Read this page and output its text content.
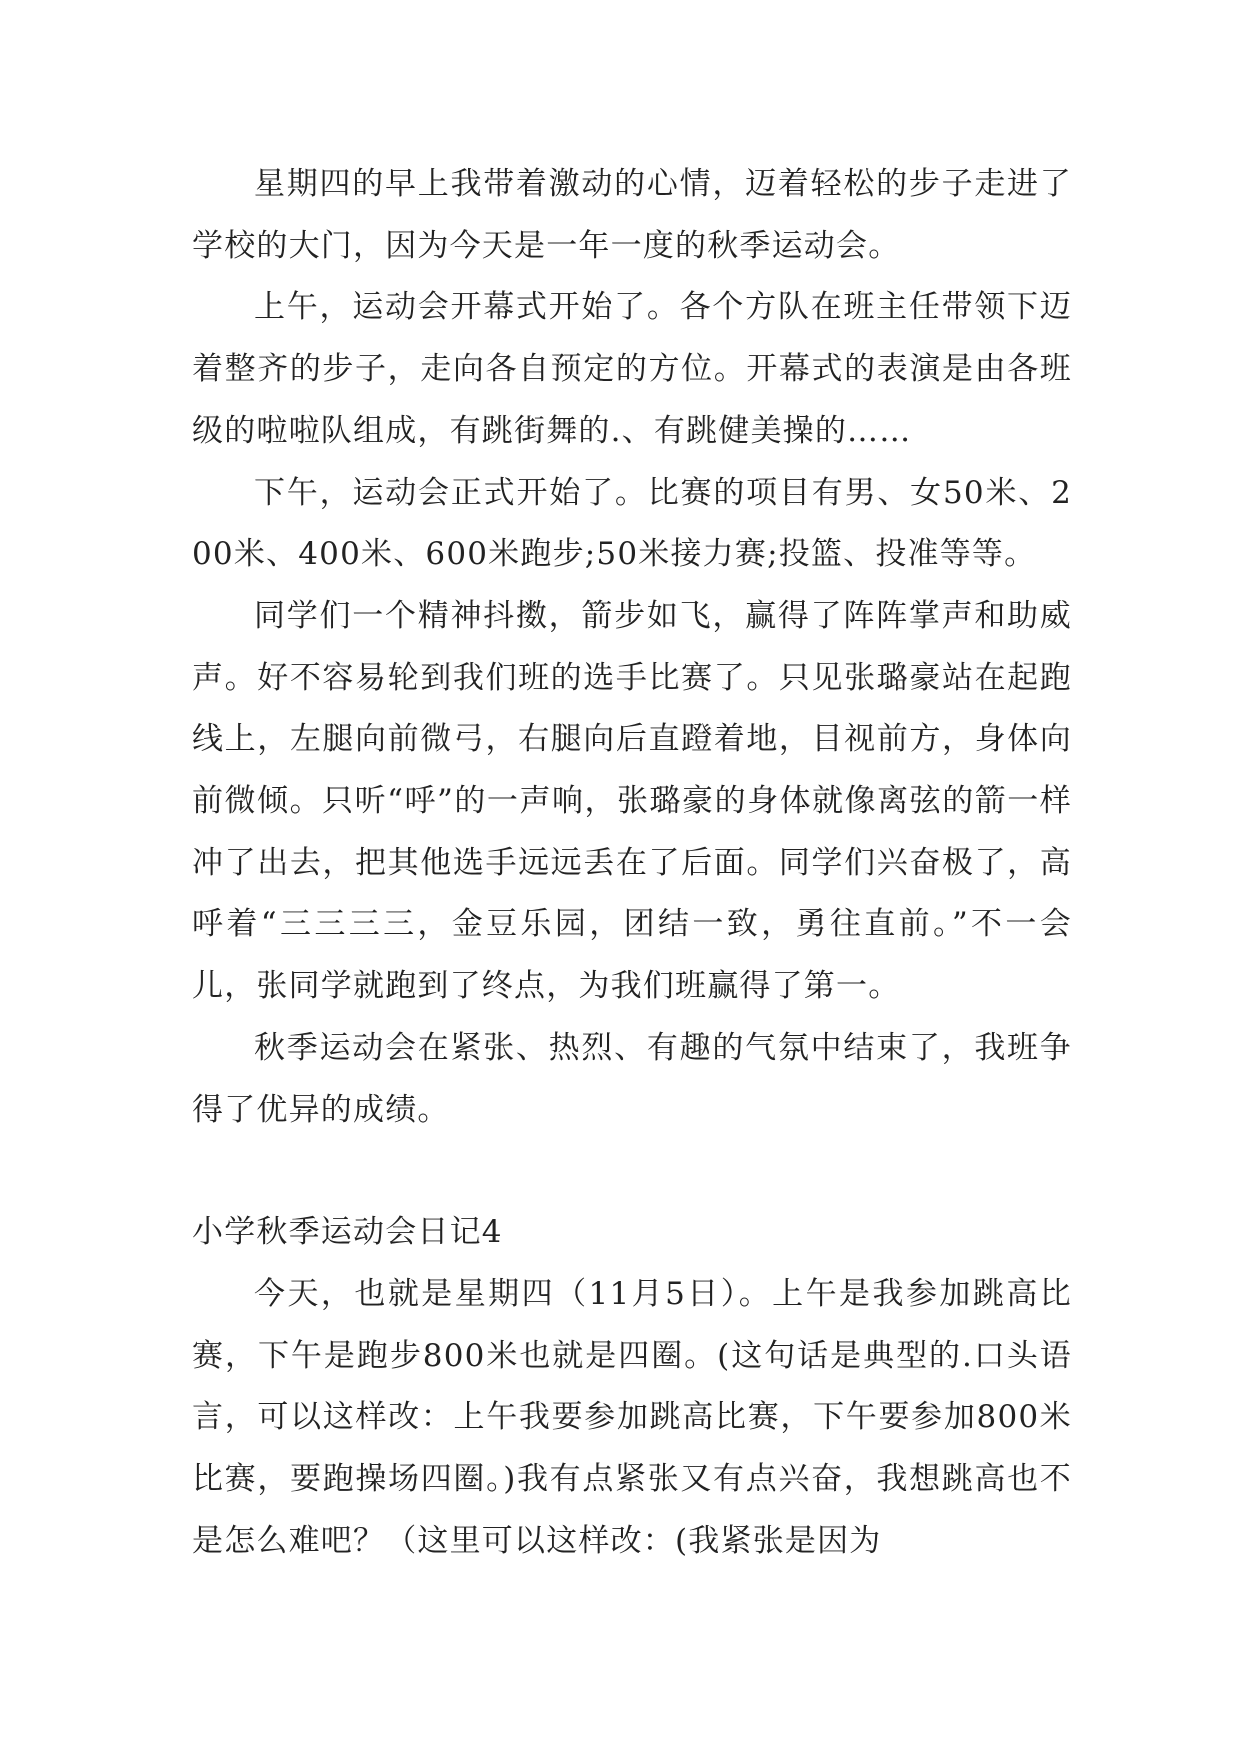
星期四的早上我带着激动的心情，迈着轻松的步子走进了学校的大门，因为今天是一年一度的秋季运动会。

上午，运动会开幕式开始了。各个方队在班主任带领下迈着整齐的步子，走向各自预定的方位。开幕式的表演是由各班级的啦啦队组成，有跳街舞的.、有跳健美操的……

下午，运动会正式开始了。比赛的项目有男、女50米、200米、400米、600米跑步;50米接力赛;投篮、投准等等。

同学们一个精神抖擞，箭步如飞，赢得了阵阵掌声和助威声。好不容易轮到我们班的选手比赛了。只见张璐豪站在起跑线上，左腿向前微弓，右腿向后直蹬着地，目视前方，身体向前微倾。只听“呼”的一声响，张璐豪的身体就像离弦的箭一样冲了出去，把其他选手远远丢在了后面。同学们兴奋极了，高呼着“三三三三，金豆乐园，团结一致，勇往直前。”不一会儿，张同学就跑到了终点，为我们班赢得了第一。

秋季运动会在紧张、热烈、有趣的气氛中结束了，我班争得了优异的成绩。

小学秋季运动会日记4

今天，也就是星期四（11月5日）。上午是我参加跳高比赛，下午是跑步800米也就是四圈。(这句话是典型的.口头语言，可以这样改：上午我要参加跳高比赛，下午要参加800米比赛，要跑操场四圈。)我有点紧张又有点兴奋，我想跳高也不是怎么难吧？（这里可以这样改：(我紧张是因为
